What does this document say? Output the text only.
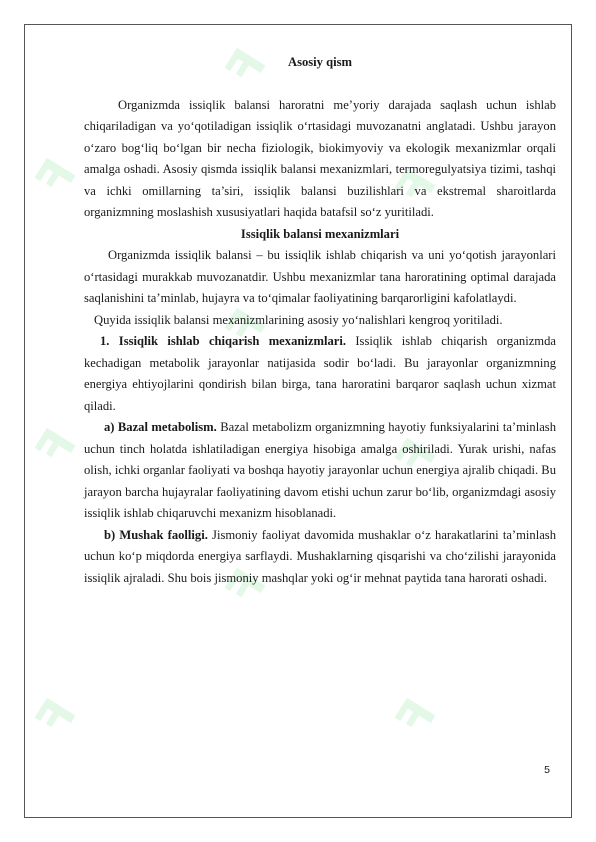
ꟻ
ꟻ
ꟻ
ꟻ
ꟻ
ꟻ
ꟻ
ꟻ
ꟻ
Asosiy qism

Organizmda issiqlik balansi haroratni me’yoriy darajada saqlash uchun ishlab chiqariladigan va yo‘qotiladigan issiqlik o‘rtasidagi muvozanatni anglatadi. Ushbu jarayon o‘zaro bog‘liq bo‘lgan bir necha fiziologik, biokimyoviy va ekologik mexanizmlar orqali amalga oshadi. Asosiy qismda issiqlik balansi mexanizmlari, termoregulyatsiya tizimi, tashqi va ichki omillarning ta’siri, issiqlik balansi buzilishlari va ekstremal sharoitlarda organizmning moslashish xususiyatlari haqida batafsil so‘z yuritiladi.

Issiqlik balansi mexanizmlari

Organizmda issiqlik balansi – bu issiqlik ishlab chiqarish va uni yo‘qotish jarayonlari o‘rtasidagi murakkab muvozanatdir. Ushbu mexanizmlar tana haroratining optimal darajada saqlanishini ta’minlab, hujayra va to‘qimalar faoliyatining barqarorligini kafolatlaydi.

Quyida issiqlik balansi mexanizmlarining asosiy yo‘nalishlari kengroq yoritiladi.

1. Issiqlik ishlab chiqarish mexanizmlari. Issiqlik ishlab chiqarish organizmda kechadigan metabolik jarayonlar natijasida sodir bo‘ladi. Bu jarayonlar organizmning energiya ehtiyojlarini qondirish bilan birga, tana haroratini barqaror saqlash uchun xizmat qiladi.

a) Bazal metabolism. Bazal metabolizm organizmning hayotiy funksiyalarini ta’minlash uchun tinch holatda ishlatiladigan energiya hisobiga amalga oshiriladi. Yurak urishi, nafas olish, ichki organlar faoliyati va boshqa hayotiy jarayonlar uchun energiya ajralib chiqadi. Bu jarayon barcha hujayralar faoliyatining davom etishi uchun zarur bo‘lib, organizmdagi asosiy issiqlik ishlab chiqaruvchi mexanizm hisoblanadi.

b) Mushak faolligi. Jismoniy faoliyat davomida mushaklar o‘z harakatlarini ta’minlash uchun ko‘p miqdorda energiya sarflaydi. Mushaklarning qisqarishi va cho‘zilishi jarayonida issiqlik ajraladi. Shu bois jismoniy mashqlar yoki og‘ir mehnat paytida tana harorati oshadi.

5
